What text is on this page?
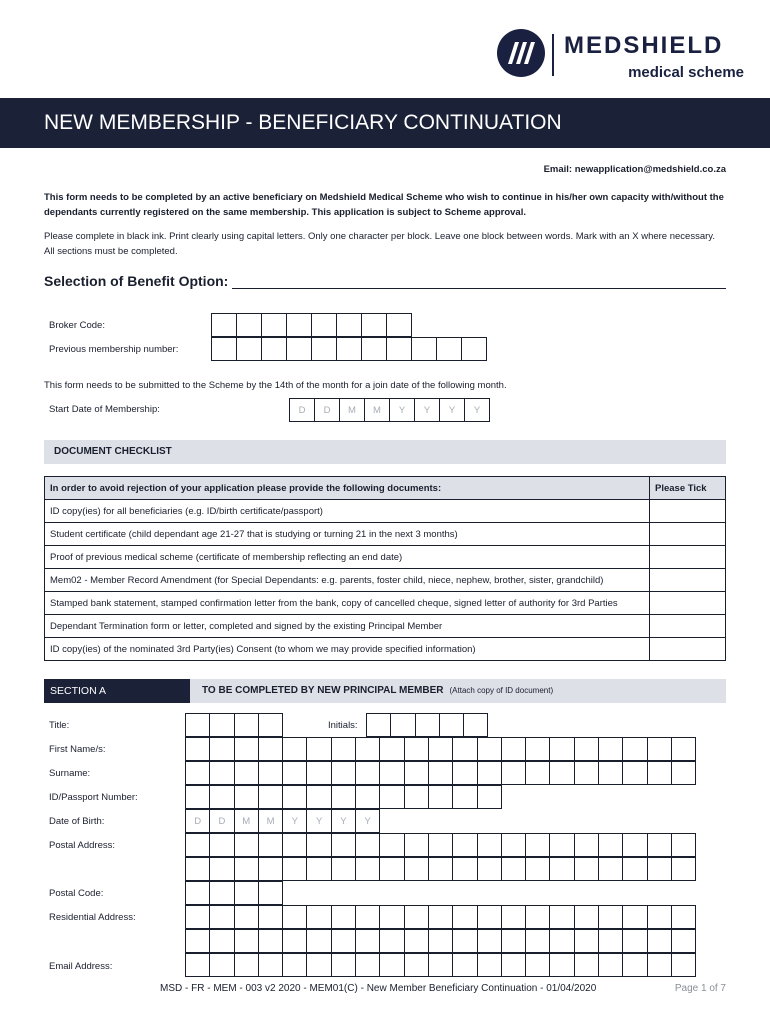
MEDSHIELD
medical scheme
NEW MEMBERSHIP - BENEFICIARY CONTINUATION
Email: newapplication@medshield.co.za
This form needs to be completed by an active beneficiary on Medshield Medical Scheme who wish to continue in his/her own capacity with/without the dependants currently registered on the same membership. This application is subject to Scheme approval.
Please complete in black ink. Print clearly using capital letters. Only one character per block. Leave one block between words. Mark with an X where necessary. All sections must be completed.
Selection of Benefit Option:
Broker Code:
Previous membership number:
This form needs to be submitted to the Scheme by the 14th of the month for a join date of the following month.
Start Date of Membership:	D	D	M	M	Y	Y	Y	Y
DOCUMENT CHECKLIST
In order to avoid rejection of your application please provide the following documents:	Please Tick
ID copy(ies) for all beneficiaries (e.g. ID/birth certificate/passport)	
Student certificate (child dependant age 21-27 that is studying or turning 21 in the next 3 months)	
Proof of previous medical scheme (certificate of membership reflecting an end date)	
Mem02 - Member Record Amendment (for Special Dependants: e.g. parents, foster child, niece, nephew, brother, sister, grandchild)	
Stamped bank statement, stamped confirmation letter from the bank, copy of cancelled cheque, signed letter of authority for 3rd Parties	
Dependant Termination form or letter, completed and signed by the existing Principal Member	
ID copy(ies) of the nominated 3rd Party(ies) Consent (to whom we may provide specified information)	
SECTION A	TO BE COMPLETED BY NEW PRINCIPAL MEMBER (Attach copy of ID document)
Title:	Initials:
First Name/s:
Surname:
ID/Passport Number:
Date of Birth:	D	D	M	M	Y	Y	Y	Y
Postal Address:
Postal Code:
Residential Address:
Email Address:
MSD - FR - MEM - 003 v2 2020 - MEM01(C) - New Member Beneficiary Continuation - 01/04/2020	Page 1 of 7
